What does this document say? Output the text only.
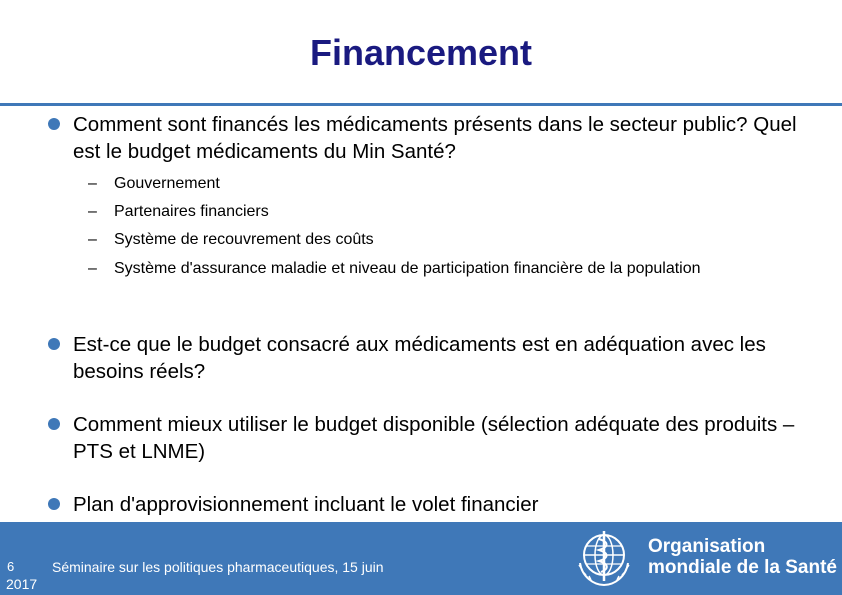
Financement
Comment sont financés les médicaments présents dans le secteur public? Quel est le budget médicaments du Min Santé?
– Gouvernement
– Partenaires financiers
– Système de recouvrement des coûts
– Système d'assurance maladie et niveau de participation financière de la population
Est-ce que le budget consacré aux médicaments est en adéquation avec les besoins réels?
Comment mieux utiliser le budget disponible (sélection adéquate des produits – PTS et LNME)
Plan d'approvisionnement incluant le volet financier
6	Séminaire sur les politiques pharmaceutiques, 15 juin
2017
Organisation
mondiale de la Santé
